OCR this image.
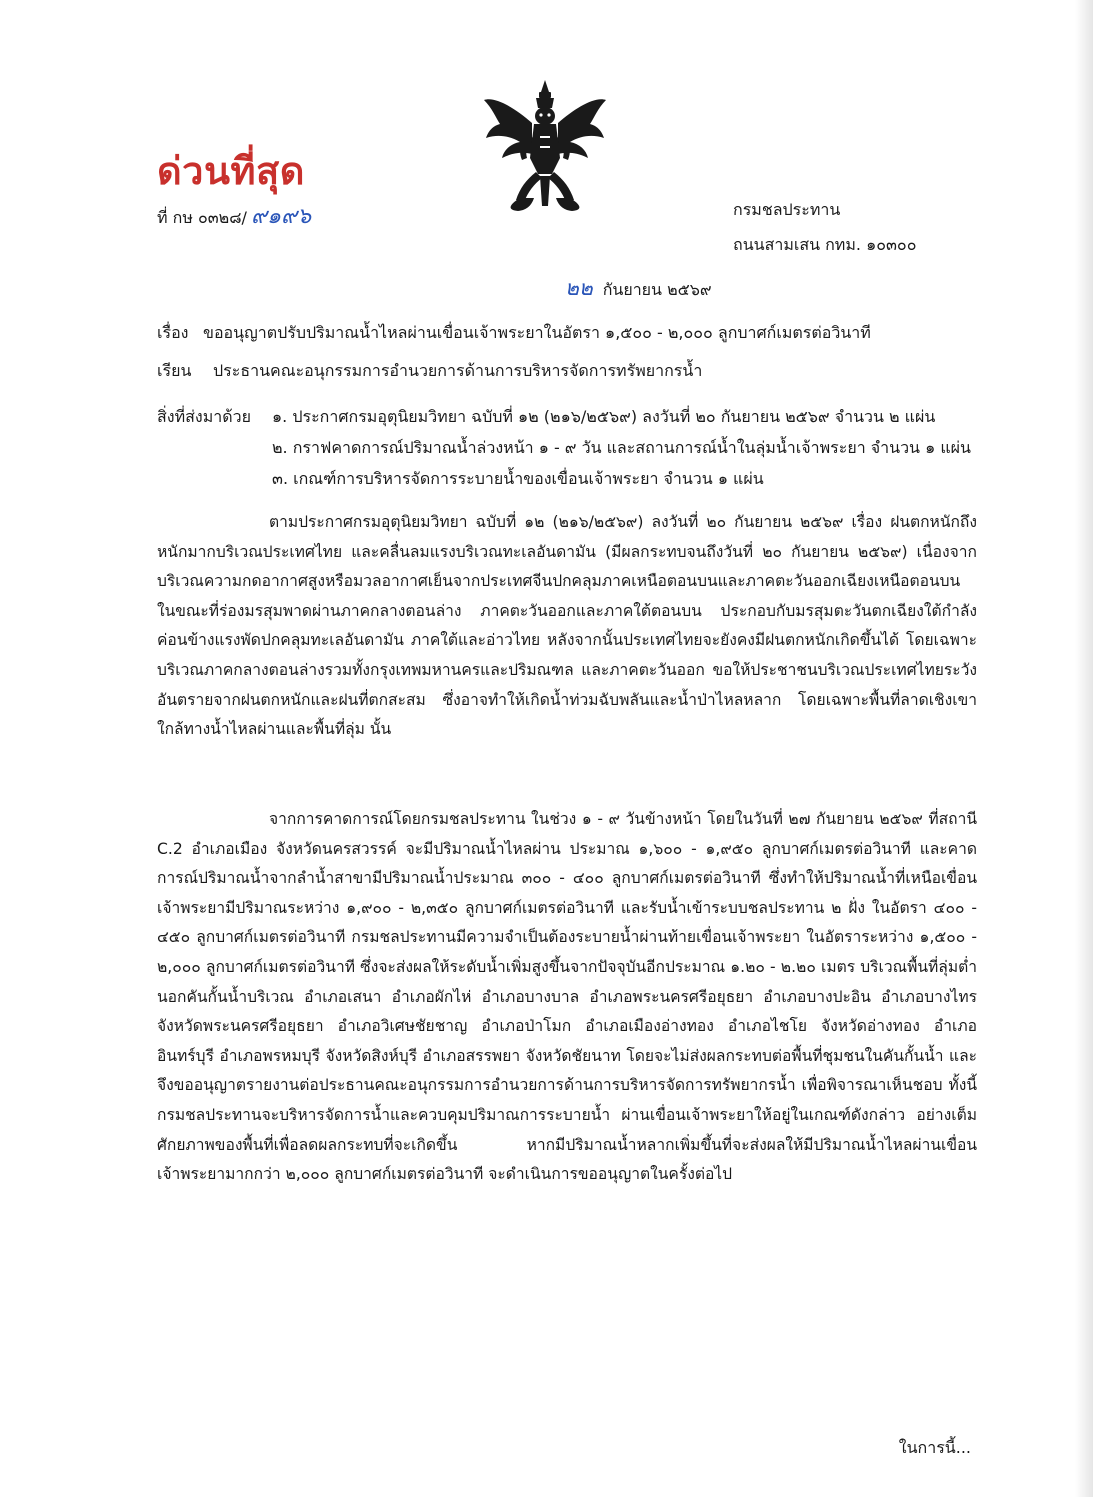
ด่วนที่สุด
ที่ กษ ๐๓๒๘/ ๙๑๙๖	กรมชลประทาน
ถนนสามเสน กทม. ๑๐๓๐๐
๒๒ กันยายน ๒๕๖๙
เรื่อง ขออนุญาตปรับปริมาณน้ำไหลผ่านเขื่อนเจ้าพระยาในอัตรา ๑,๕๐๐ - ๒,๐๐๐ ลูกบาศก์เมตรต่อวินาที
เรียน ประธานคณะอนุกรรมการอำนวยการด้านการบริหารจัดการทรัพยากรน้ำ
สิ่งที่ส่งมาด้วย ๑. ประกาศกรมอุตุนิยมวิทยา ฉบับที่ ๑๒ (๒๑๖/๒๕๖๙) ลงวันที่ ๒๐ กันยายน ๒๕๖๙ จำนวน ๒ แผ่น
๒. กราฟคาดการณ์ปริมาณน้ำล่วงหน้า ๑ - ๙ วัน และสถานการณ์น้ำในลุ่มน้ำเจ้าพระยา จำนวน ๑ แผ่น
๓. เกณฑ์การบริหารจัดการระบายน้ำของเขื่อนเจ้าพระยา จำนวน ๑ แผ่น

ตามประกาศกรมอุตุนิยมวิทยา ฉบับที่ ๑๒ (๒๑๖/๒๕๖๙) ลงวันที่ ๒๐ กันยายน ๒๕๖๙ เรื่อง ฝนตกหนักถึงหนักมากบริเวณประเทศไทย และคลื่นลมแรงบริเวณทะเลอันดามัน (มีผลกระทบจนถึงวันที่ ๒๐ กันยายน ๒๕๖๙) เนื่องจากบริเวณความกดอากาศสูงหรือมวลอากาศเย็นจากประเทศจีนปกคลุมภาคเหนือตอนบนและภาคตะวันออกเฉียงเหนือตอนบน ในขณะที่ร่องมรสุมพาดผ่านภาคกลางตอนล่าง ภาคตะวันออกและภาคใต้ตอนบน ประกอบกับมรสุมตะวันตกเฉียงใต้กำลังค่อนข้างแรงพัดปกคลุมทะเลอันดามัน ภาคใต้และอ่าวไทย หลังจากนั้นประเทศไทยจะยังคงมีฝนตกหนักเกิดขึ้นได้ โดยเฉพาะบริเวณภาคกลางตอนล่างรวมทั้งกรุงเทพมหานครและปริมณฑล และภาคตะวันออก ขอให้ประชาชนบริเวณประเทศไทยระวังอันตรายจากฝนตกหนักและฝนที่ตกสะสม ซึ่งอาจทำให้เกิดน้ำท่วมฉับพลันและน้ำป่าไหลหลาก โดยเฉพาะพื้นที่ลาดเชิงเขาใกล้ทางน้ำไหลผ่านและพื้นที่ลุ่ม นั้น

จากการคาดการณ์โดยกรมชลประทาน ในช่วง ๑ - ๙ วันข้างหน้า โดยในวันที่ ๒๗ กันยายน ๒๕๖๙ ที่สถานี C.2 อำเภอเมือง จังหวัดนครสวรรค์ จะมีปริมาณน้ำไหลผ่าน ประมาณ ๑,๖๐๐ - ๑,๙๕๐ ลูกบาศก์เมตรต่อวินาที และคาดการณ์ปริมาณน้ำจากลำน้ำสาขามีปริมาณน้ำประมาณ ๓๐๐ - ๔๐๐ ลูกบาศก์เมตรต่อวินาที ซึ่งทำให้ปริมาณน้ำที่เหนือเขื่อนเจ้าพระยามีปริมาณระหว่าง ๑,๙๐๐ - ๒,๓๕๐ ลูกบาศก์เมตรต่อวินาที และรับน้ำเข้าระบบชลประทาน ๒ ฝั่ง ในอัตรา ๔๐๐ - ๔๕๐ ลูกบาศก์เมตรต่อวินาที กรมชลประทานมีความจำเป็นต้องระบายน้ำผ่านท้ายเขื่อนเจ้าพระยา ในอัตราระหว่าง ๑,๕๐๐ - ๒,๐๐๐ ลูกบาศก์เมตรต่อวินาที ซึ่งจะส่งผลให้ระดับน้ำเพิ่มสูงขึ้นจากปัจจุบันอีกประมาณ ๑.๒๐ - ๒.๒๐ เมตร บริเวณพื้นที่ลุ่มต่ำนอกคันกั้นน้ำบริเวณ อำเภอเสนา อำเภอผักไห่ อำเภอบางบาล อำเภอพระนครศรีอยุธยา อำเภอบางปะอิน อำเภอบางไทร จังหวัดพระนครศรีอยุธยา อำเภอวิเศษชัยชาญ อำเภอป่าโมก อำเภอเมืองอ่างทอง อำเภอไชโย จังหวัดอ่างทอง อำเภออินทร์บุรี อำเภอพรหมบุรี จังหวัดสิงห์บุรี อำเภอสรรพยา จังหวัดชัยนาท โดยจะไม่ส่งผลกระทบต่อพื้นที่ชุมชนในคันกั้นน้ำ และจึงขออนุญาตรายงานต่อประธานคณะอนุกรรมการอำนวยการด้านการบริหารจัดการทรัพยากรน้ำ เพื่อพิจารณาเห็นชอบ ทั้งนี้ กรมชลประทานจะบริหารจัดการน้ำและควบคุมปริมาณการระบายน้ำ ผ่านเขื่อนเจ้าพระยาให้อยู่ในเกณฑ์ดังกล่าว อย่างเต็มศักยภาพของพื้นที่เพื่อลดผลกระทบที่จะเกิดขึ้น หากมีปริมาณน้ำหลากเพิ่มขึ้นที่จะส่งผลให้มีปริมาณน้ำไหลผ่านเขื่อนเจ้าพระยามากกว่า ๒,๐๐๐ ลูกบาศก์เมตรต่อวินาที จะดำเนินการขออนุญาตในครั้งต่อไป

ในการนี้...
